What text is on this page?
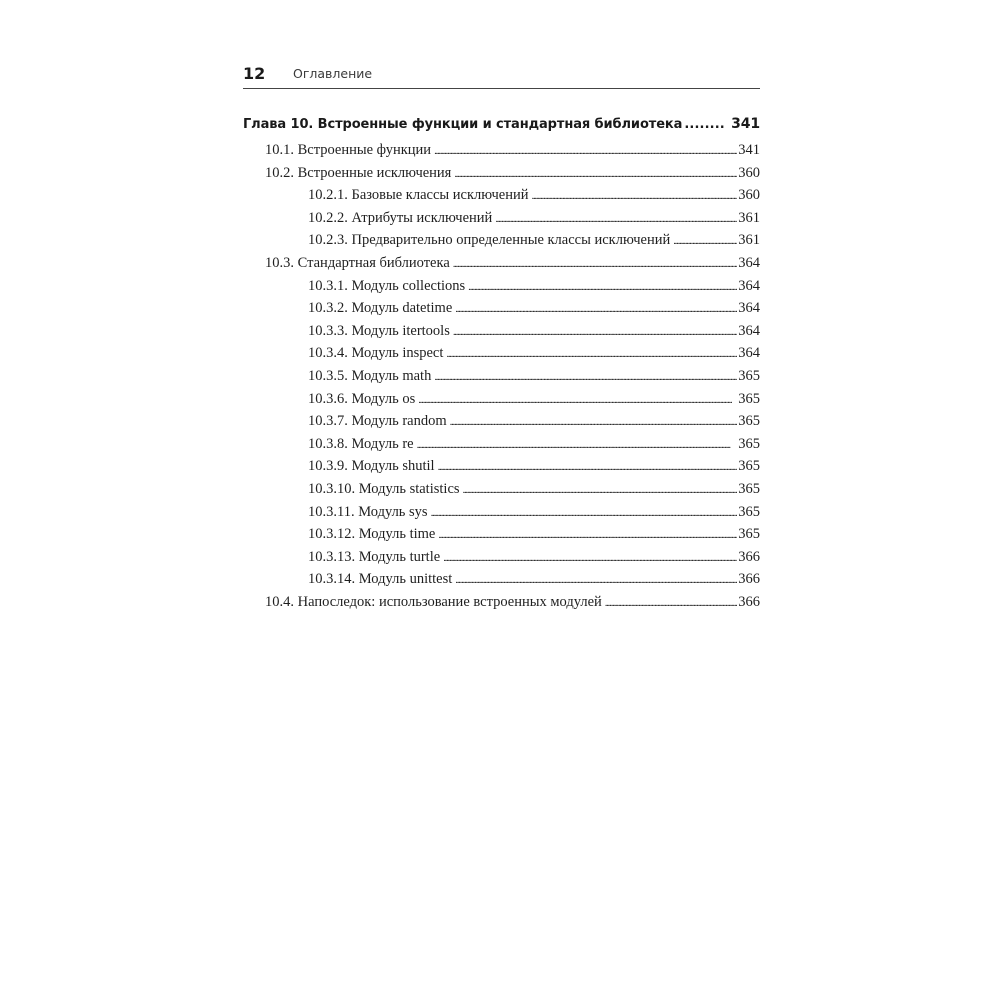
12 Оглавление
Глава 10. Встроенные функции и стандартная библиотека . . .	341
10.1. Встроенные функции .....	341
10.2. Встроенные исключения .....	360
10.2.1. Базовые классы исключений .....	360
10.2.2. Атрибуты исключений .....	361
10.2.3. Предварительно определенные классы исключений .....	361
10.3. Стандартная библиотека .....	364
10.3.1. Модуль collections .....	364
10.3.2. Модуль datetime .....	364
10.3.3. Модуль itertools .....	364
10.3.4. Модуль inspect .....	364
10.3.5. Модуль math .....	365
10.3.6. Модуль os .....	365
10.3.7. Модуль random .....	365
10.3.8. Модуль re .....	365
10.3.9. Модуль shutil .....	365
10.3.10. Модуль statistics .....	365
10.3.11. Модуль sys .....	365
10.3.12. Модуль time .....	365
10.3.13. Модуль turtle .....	366
10.3.14. Модуль unittest .....	366
10.4. Напоследок: использование встроенных модулей .....	366
